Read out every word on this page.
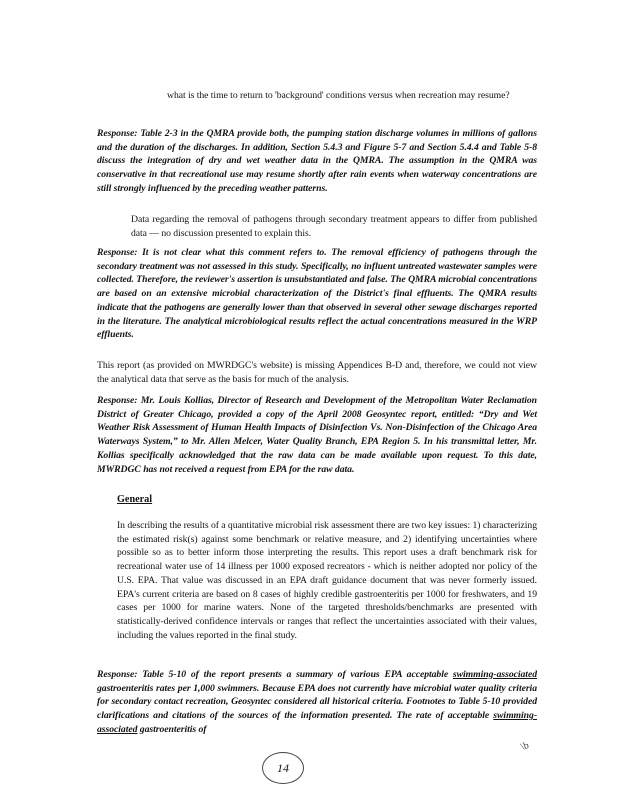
what is the time to return to 'background' conditions versus when recreation may resume?

Response: Table 2-3 in the QMRA provide both, the pumping station discharge volumes in millions of gallons and the duration of the discharges. In addition, Section 5.4.3 and Figure 5-7 and Section 5.4.4 and Table 5-8 discuss the integration of dry and wet weather data in the QMRA. The assumption in the QMRA was conservative in that recreational use may resume shortly after rain events when waterway concentrations are still strongly influenced by the preceding weather patterns.

Data regarding the removal of pathogens through secondary treatment appears to differ from published data — no discussion presented to explain this.

Response: It is not clear what this comment refers to. The removal efficiency of pathogens through the secondary treatment was not assessed in this study. Specifically, no influent untreated wastewater samples were collected. Therefore, the reviewer's assertion is unsubstantiated and false. The QMRA microbial concentrations are based on an extensive microbial characterization of the District's final effluents. The QMRA results indicate that the pathogens are generally lower than that observed in several other sewage discharges reported in the literature. The analytical microbiological results reflect the actual concentrations measured in the WRP effluents.

This report (as provided on MWRDGC's website) is missing Appendices B-D and, therefore, we could not view the analytical data that serve as the basis for much of the analysis.

Response: Mr. Louis Kollias, Director of Research and Development of the Metropolitan Water Reclamation District of Greater Chicago, provided a copy of the April 2008 Geosyntec report, entitled: “Dry and Wet Weather Risk Assessment of Human Health Impacts of Disinfection Vs. Non-Disinfection of the Chicago Area Waterways System,” to Mr. Allen Melcer, Water Quality Branch, EPA Region 5. In his transmittal letter, Mr. Kollias specifically acknowledged that the raw data can be made available upon request. To this date, MWRDGC has not received a request from EPA for the raw data.

General

In describing the results of a quantitative microbial risk assessment there are two key issues: 1) characterizing the estimated risk(s) against some benchmark or relative measure, and 2) identifying uncertainties where possible so as to better inform those interpreting the results. This report uses a draft benchmark risk for recreational water use of 14 illness per 1000 exposed recreators - which is neither adopted nor policy of the U.S. EPA. That value was discussed in an EPA draft guidance document that was never formerly issued. EPA's current criteria are based on 8 cases of highly credible gastroenteritis per 1000 for freshwaters, and 19 cases per 1000 for marine waters. None of the targeted thresholds/benchmarks are presented with statistically-derived confidence intervals or ranges that reflect the uncertainties associated with their values, including the values reported in the final study.

Response: Table 5-10 of the report presents a summary of various EPA acceptable swimming-associated gastroenteritis rates per 1,000 swimmers. Because EPA does not currently have microbial water quality criteria for secondary contact recreation, Geosyntec considered all historical criteria. Footnotes to Table 5-10 provided clarifications and citations of the sources of the information presented. The rate of acceptable swimming-associated gastroenteritis of

\b
14
